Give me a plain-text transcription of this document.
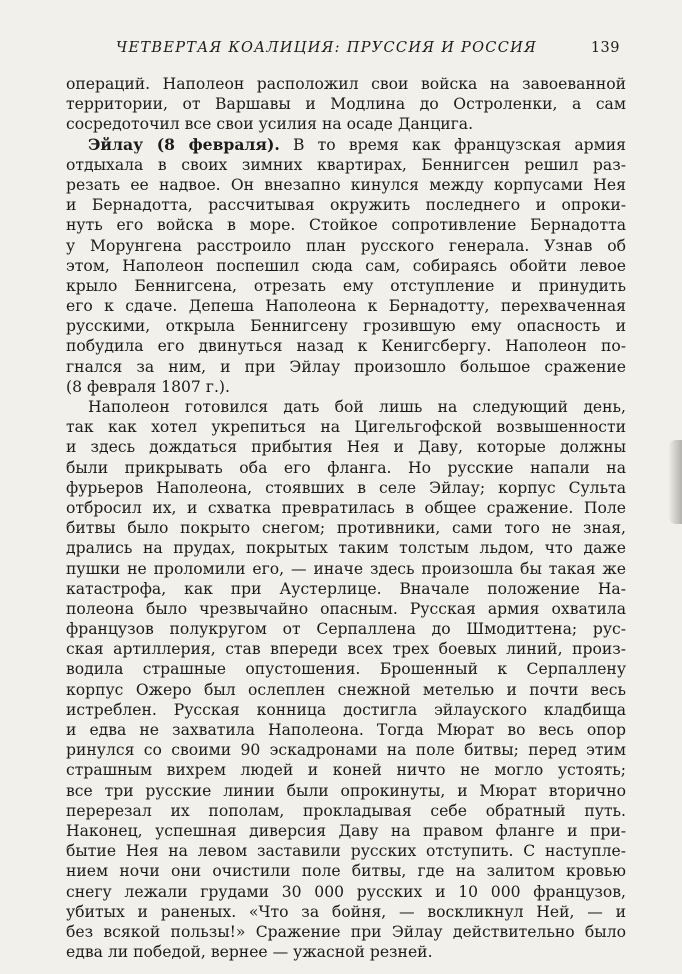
ЧЕТВЕРТАЯ КОАЛИЦИЯ: ПРУССИЯ И РОССИЯ	139
операций. Наполеон расположил свои войска на завоеванной
территории, от Варшавы и Модлина до Остроленки, а сам
сосредоточил все свои усилия на осаде Данцига.
Эйлау (8 февраля). В то время как французская армия
отдыхала в своих зимних квартирах, Беннигсен решил раз-
резать ее надвое. Он внезапно кинулся между корпусами Нея
и Бернадотта, рассчитывая окружить последнего и опроки-
нуть его войска в море. Стойкое сопротивление Бернадотта
у Морунгена расстроило план русского генерала. Узнав об
этом, Наполеон поспешил сюда сам, собираясь обойти левое
крыло Беннигсена, отрезать ему отступление и принудить
его к сдаче. Депеша Наполеона к Бернадотту, перехваченная
русскими, открыла Беннигсену грозившую ему опасность и
побудила его двинуться назад к Кенигсбергу. Наполеон по-
гнался за ним, и при Эйлау произошло большое сражение
(8 февраля 1807 г.).
Наполеон готовился дать бой лишь на следующий день,
так как хотел укрепиться на Цигельгофской возвышенности
и здесь дождаться прибытия Нея и Даву, которые должны
были прикрывать оба его фланга. Но русские напали на
фурьеров Наполеона, стоявших в селе Эйлау; корпус Сульта
отбросил их, и схватка превратилась в общее сражение. Поле
битвы было покрыто снегом; противники, сами того не зная,
дрались на прудах, покрытых таким толстым льдом, что даже
пушки не проломили его, — иначе здесь произошла бы такая же
катастрофа, как при Аустерлице. Вначале положение На-
полеона было чрезвычайно опасным. Русская армия охватила
французов полукругом от Серпаллена до Шмодиттена; рус-
ская артиллерия, став впереди всех трех боевых линий, произ-
водила страшные опустошения. Брошенный к Серпаллену
корпус Ожеро был ослеплен снежной метелью и почти весь
истреблен. Русская конница достигла эйлауского кладбища
и едва не захватила Наполеона. Тогда Мюрат во весь опор
ринулся со своими 90 эскадронами на поле битвы; перед этим
страшным вихрем людей и коней ничто не могло устоять;
все три русские линии были опрокинуты, и Мюрат вторично
перерезал их пополам, прокладывая себе обратный путь.
Наконец, успешная диверсия Даву на правом фланге и при-
бытие Нея на левом заставили русских отступить. С наступле-
нием ночи они очистили поле битвы, где на залитом кровью
снегу лежали грудами 30 000 русских и 10 000 французов,
убитых и раненых. «Что за бойня, — воскликнул Ней, — и
без всякой пользы!» Сражение при Эйлау действительно было
едва ли победой, вернее — ужасной резней.
